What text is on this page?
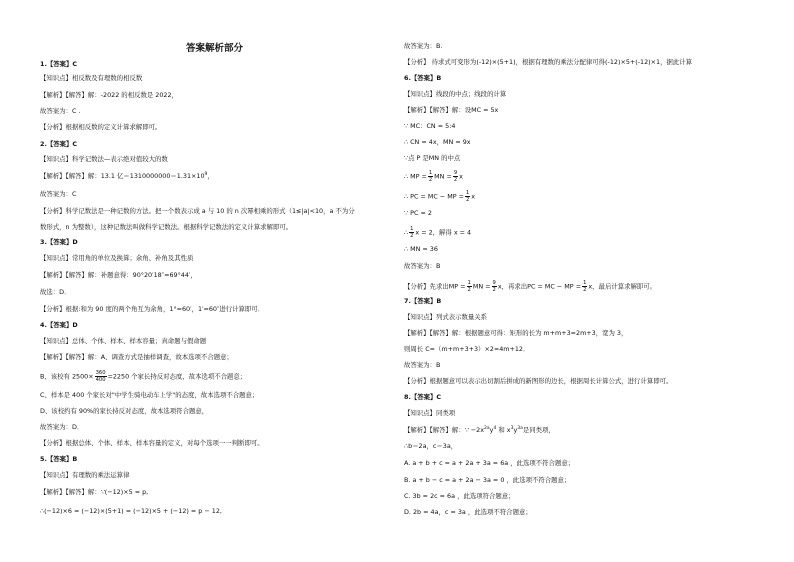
答案解析部分
1.【答案】C
【知识点】相反数及有理数的相反数
【解析】【解答】解：-2022 的相反数是 2022，
故答案为：C .
【分析】根据相反数的定义计算求解即可。
2.【答案】C
【知识点】科学记数法—表示绝对值较大的数
【解析】【解答】解：13.1 亿$=1310000000=1.31\times 10^9$，
故答案为：C
【分析】科学记数法是一种记数的方法。把一个数表示成 a 与 10 的 n 次幂相乘的形式（1≤|a|<10，a 不为分
数形式，n 为整数），这种记数法叫做科学记数法。根据科学记数法的定义计算求解即可。
3.【答案】D
【知识点】常用角的单位及换算；余角、补角及其性质
【解析】【解答】解：补题意得：90°20′18″=69°44′，
故选：D．
【分析】根据:和为 90 度的两个角互为余角，1°=60′，1′=60″进行计算即可．
4.【答案】D
【知识点】总体、个体、样本、样本容量；真命题与假命题
【解析】【解答】解：A、调查方式是抽样调查，故本选项不合题意；
B、该校有 $2500\times \frac{360}{400} =2250$ 个家长持反对态度，故本选项不合题意；
C、样本是 400 个家长对"中学生骑电动车上学"的态度，故本选项不合题意；
D、该校约有 90%的家长持反对态度，故本选项符合题意，
故答案为：D．
【分析】根据总体、个体、样本、样本容量的定义，对每个选项一一判断即可。
5.【答案】B
【知识点】有理数的乘法运算律
【解析】【解答】解：∵(−12)×5 = p,
∴(−12)×6 = (−12)×(5+1) = (−12)×5 + (−12) = p − 12,
故答案为：B.
【分析】 待求式可变形为(-12)×(5+1)，根据有理数的乘法分配律可得(-12)×5+(-12)×1，据此计算
6.【答案】B
【知识点】线段的中点；线段的计算
【解析】【解答】解：设MC = 5x
∵ MC：CN = 5:4
∴ CN = 4x，MN = 9x
∵点 P 是MN 的中点
∴ MP = $\frac{1}{2}$ MN = $\frac{9}{2}$ x
∴ PC = MC − MP = $\frac{1}{2}$ x
∵ PC = 2
∴ $\frac{1}{2}$ x = 2，解得 x = 4
∴ MN = 36
故答案为：B
【分析】先求出MP = $\frac{1}{2}$ MN = $\frac{9}{2}$ x，再求出PC = MC − MP = $\frac{1}{2}$ x，最后计算求解即可。
7.【答案】B
【知识点】列式表示数量关系
【解析】【解答】解：根据题意可得：矩形的长为 m+m+3=2m+3，宽为 3，
则周长 C=（m+m+3+3）×2=4m+12．
故答案为：B
【分析】根据题意可以表示出切割后拼成的新图形的边长，根据周长计算公式，进行计算即可。
8.【答案】C
【知识点】同类项
【解析】【解答】解：∵ $-2x^{2a}y^4$ 和 $x^3y^{3a}$是同类项，
∴b＝2a，c＝3a，
A. a + b + c = a + 2a + 3a = 6a ，此选项不符合题意；
B. a + b − c = a + 2a − 3a = 0 ，此选项不符合题意；
C. 3b = 2c = 6a ，此选项符合题意；
D. 2b = 4a，c = 3a ，此选项不符合题意；
